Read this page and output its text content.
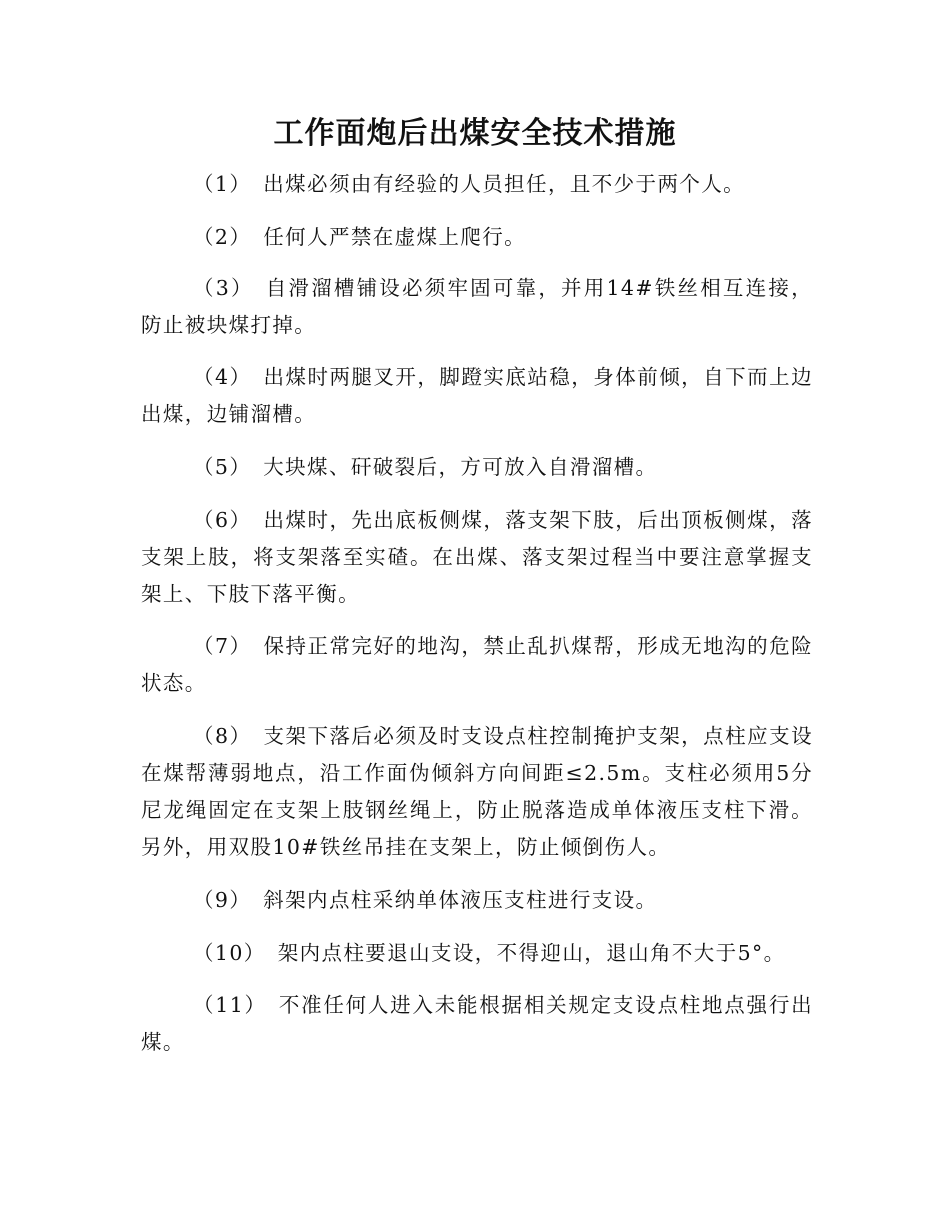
工作面炮后出煤安全技术措施

（1） 出煤必须由有经验的人员担任，且不少于两个人。

（2） 任何人严禁在虚煤上爬行。

（3） 自滑溜槽铺设必须牢固可靠，并用14#铁丝相互连接，防止被块煤打掉。

（4） 出煤时两腿叉开，脚蹬实底站稳，身体前倾，自下而上边出煤，边铺溜槽。

（5） 大块煤、矸破裂后，方可放入自滑溜槽。

（6） 出煤时，先出底板侧煤，落支架下肢，后出顶板侧煤，落支架上肢，将支架落至实碴。在出煤、落支架过程当中要注意掌握支架上、下肢下落平衡。

（7） 保持正常完好的地沟，禁止乱扒煤帮，形成无地沟的危险状态。

（8） 支架下落后必须及时支设点柱控制掩护支架，点柱应支设在煤帮薄弱地点，沿工作面伪倾斜方向间距≤2.5m。支柱必须用5分尼龙绳固定在支架上肢钢丝绳上，防止脱落造成单体液压支柱下滑。另外，用双股10#铁丝吊挂在支架上，防止倾倒伤人。

（9） 斜架内点柱采纳单体液压支柱进行支设。

（10） 架内点柱要退山支设，不得迎山，退山角不大于5°。

（11） 不准任何人进入未能根据相关规定支设点柱地点强行出煤。
